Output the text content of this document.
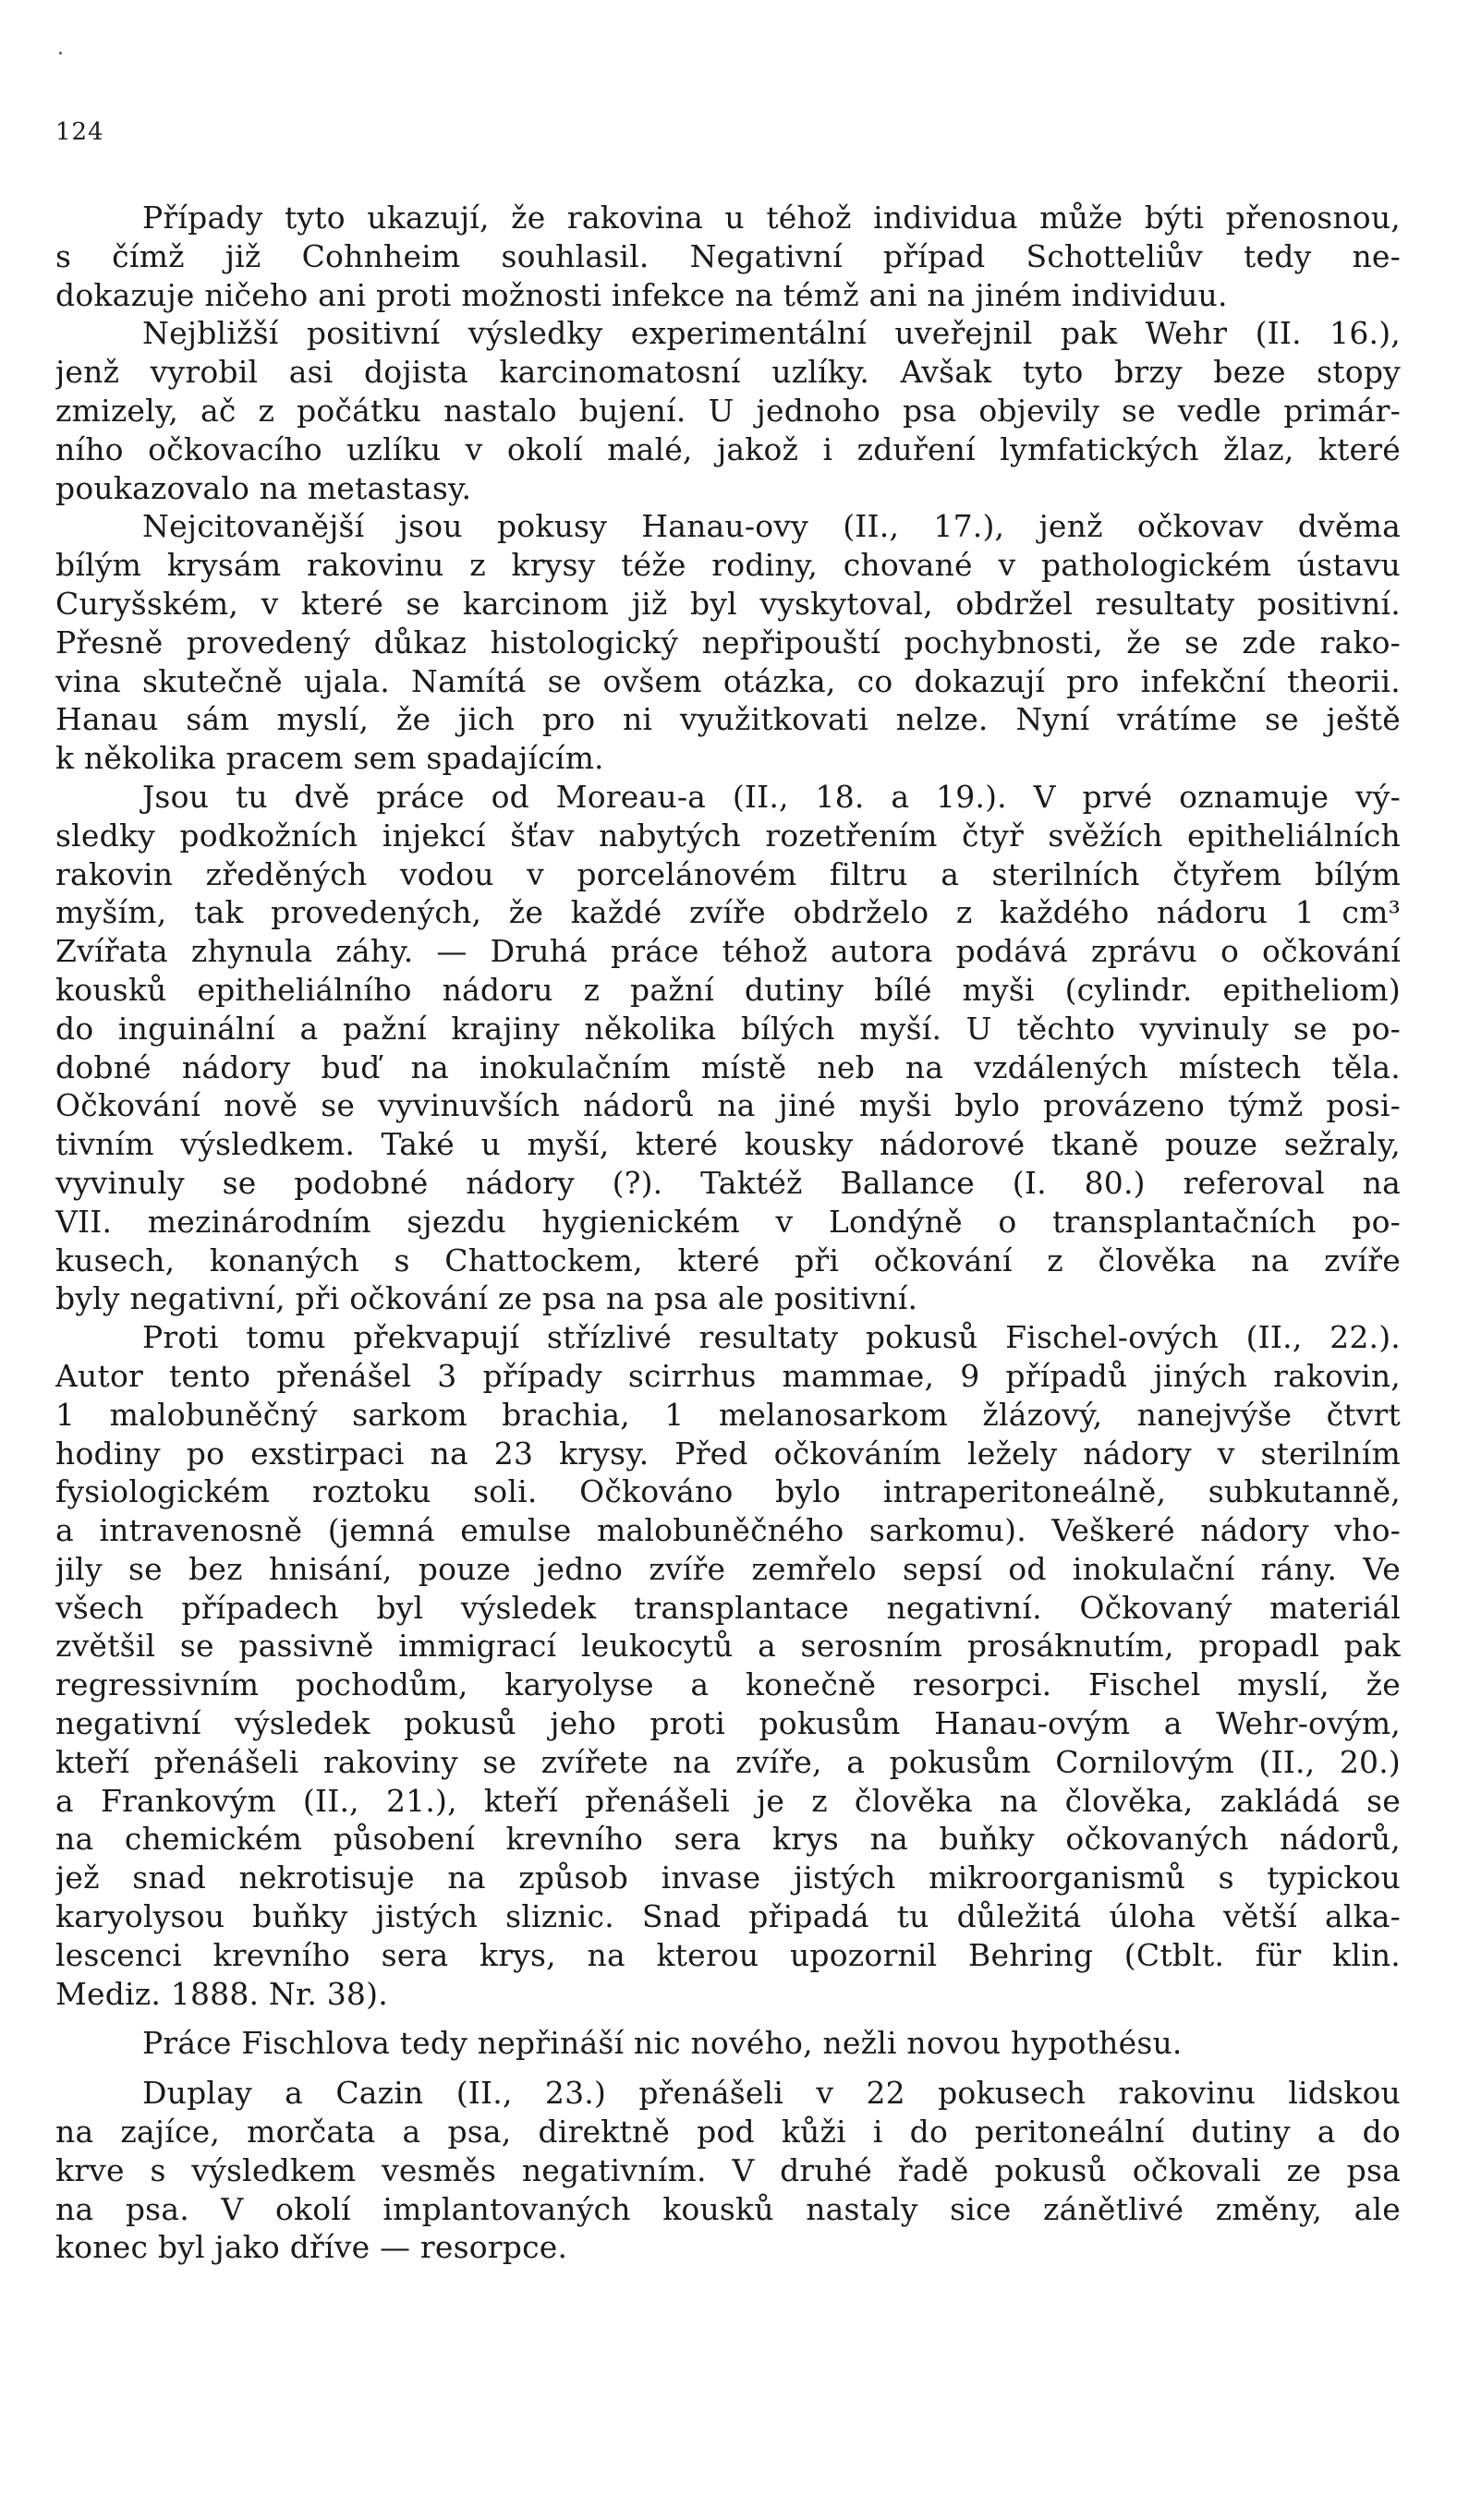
124
Případy tyto ukazují, že rakovina u téhož individua může býti přenosnou,
s čímž již Cohnheim souhlasil. Negativní případ Schotteliův tedy ne-
dokazuje ničeho ani proti možnosti infekce na témž ani na jiném individuu.
Nejbližší positivní výsledky experimentální uveřejnil pak Wehr (II. 16.),
jenž vyrobil asi dojista karcinomatosní uzlíky. Avšak tyto brzy beze stopy
zmizely, ač z počátku nastalo bujení. U jednoho psa objevily se vedle primár-
ního očkovacího uzlíku v okolí malé, jakož i zduření lymfatických žlaz, které
poukazovalo na metastasy.
Nejcitovanější jsou pokusy Hanau-ovy (II., 17.), jenž očkovav dvěma
bílým krysám rakovinu z krysy téže rodiny, chované v pathologickém ústavu
Curyšském, v které se karcinom již byl vyskytoval, obdržel resultaty positivní.
Přesně provedený důkaz histologický nepřipouští pochybnosti, že se zde rako-
vina skutečně ujala. Namítá se ovšem otázka, co dokazují pro infekční theorii.
Hanau sám myslí, že jich pro ni využitkovati nelze. Nyní vrátíme se ještě
k několika pracem sem spadajícím.
Jsou tu dvě práce od Moreau-a (II., 18. a 19.). V prvé oznamuje vý-
sledky podkožních injekcí šťav nabytých rozetřením čtyř svěžích epitheliálních
rakovin zředěných vodou v porcelánovém filtru a sterilních čtyřem bílým
myším, tak provedených, že každé zvíře obdrželo z každého nádoru 1 cm³
Zvířata zhynula záhy. — Druhá práce téhož autora podává zprávu o očkování
kousků epitheliálního nádoru z pažní dutiny bílé myši (cylindr. epitheliom)
do inguinální a pažní krajiny několika bílých myší. U těchto vyvinuly se po-
dobné nádory buď na inokulačním místě neb na vzdálených místech těla.
Očkování nově se vyvinuvších nádorů na jiné myši bylo provázeno týmž posi-
tivním výsledkem. Také u myší, které kousky nádorové tkaně pouze sežraly,
vyvinuly se podobné nádory (?). Taktéž Ballance (I. 80.) referoval na
VII. mezinárodním sjezdu hygienickém v Londýně o transplantačních po-
kusech, konaných s Chattockem, které při očkování z člověka na zvíře
byly negativní, při očkování ze psa na psa ale positivní.
Proti tomu překvapují střízlivé resultaty pokusů Fischel-ových (II., 22.).
Autor tento přenášel 3 případy scirrhus mammae, 9 případů jiných rakovin,
1 malobuněčný sarkom brachia, 1 melanosarkom žlázový, nanejvýše čtvrt
hodiny po exstirpaci na 23 krysy. Před očkováním ležely nádory v sterilním
fysiologickém roztoku soli. Očkováno bylo intraperitoneálně, subkutanně,
a intravenosně (jemná emulse malobuněčného sarkomu). Veškeré nádory vho-
jily se bez hnisání, pouze jedno zvíře zemřelo sepsí od inokulační rány. Ve
všech případech byl výsledek transplantace negativní. Očkovaný materiál
zvětšil se passivně immigrací leukocytů a serosním prosáknutím, propadl pak
regressivním pochodům, karyolyse a konečně resorpci. Fischel myslí, že
negativní výsledek pokusů jeho proti pokusům Hanau-ovým a Wehr-ovým,
kteří přenášeli rakoviny se zvířete na zvíře, a pokusům Cornilovým (II., 20.)
a Frankovým (II., 21.), kteří přenášeli je z člověka na člověka, zakládá se
na chemickém působení krevního sera krys na buňky očkovaných nádorů,
jež snad nekrotisuje na způsob invase jistých mikroorganismů s typickou
karyolysou buňky jistých sliznic. Snad připadá tu důležitá úloha větší alka-
lescenci krevního sera krys, na kterou upozornil Behring (Ctblt. für klin.
Mediz. 1888. Nr. 38).
Práce Fischlova tedy nepřináší nic nového, nežli novou hypothésu.
Duplay a Cazin (II., 23.) přenášeli v 22 pokusech rakovinu lidskou
na zajíce, morčata a psa, direktně pod kůži i do peritoneální dutiny a do
krve s výsledkem vesměs negativním. V druhé řadě pokusů očkovali ze psa
na psa. V okolí implantovaných kousků nastaly sice zánětlivé změny, ale
konec byl jako dříve — resorpce.
